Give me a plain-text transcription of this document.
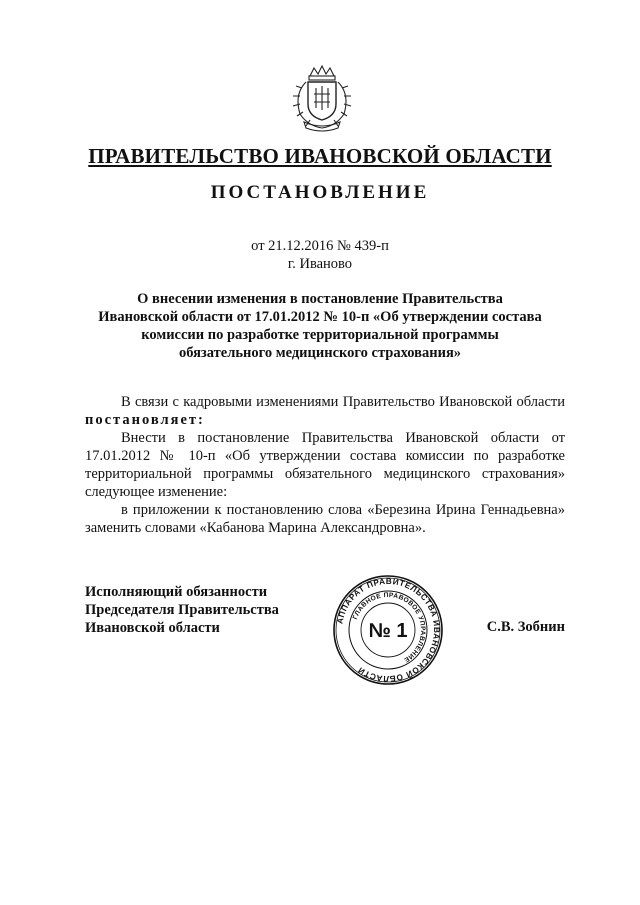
ПРАВИТЕЛЬСТВО ИВАНОВСКОЙ ОБЛАСТИ
ПОСТАНОВЛЕНИЕ
от 21.12.2016 № 439-п
г. Иваново
О внесении изменения в постановление Правительства
Ивановской области от 17.01.2012 № 10-п «Об утверждении состава
комиссии по разработке территориальной программы
обязательного медицинского страхования»

В связи с кадровыми изменениями Правительство Ивановской области постановляет:

Внести в постановление Правительства Ивановской области от 17.01.2012 № 10-п «Об утверждении состава комиссии по разработке территориальной программы обязательного медицинского страхования» следующее изменение:

в приложении к постановлению слова «Березина Ирина Геннадьевна» заменить словами «Кабанова Марина Александровна».

Исполняющий обязанности
Председателя Правительства
Ивановской области	АППАРАТ ПРАВИТЕЛЬСТВА ИВАНОВСКОЙ ОБЛАСТИ
ГЛАВНОЕ ПРАВОВОЕ УПРАВЛЕНИЕ
№ 1	С.В. Зобнин
